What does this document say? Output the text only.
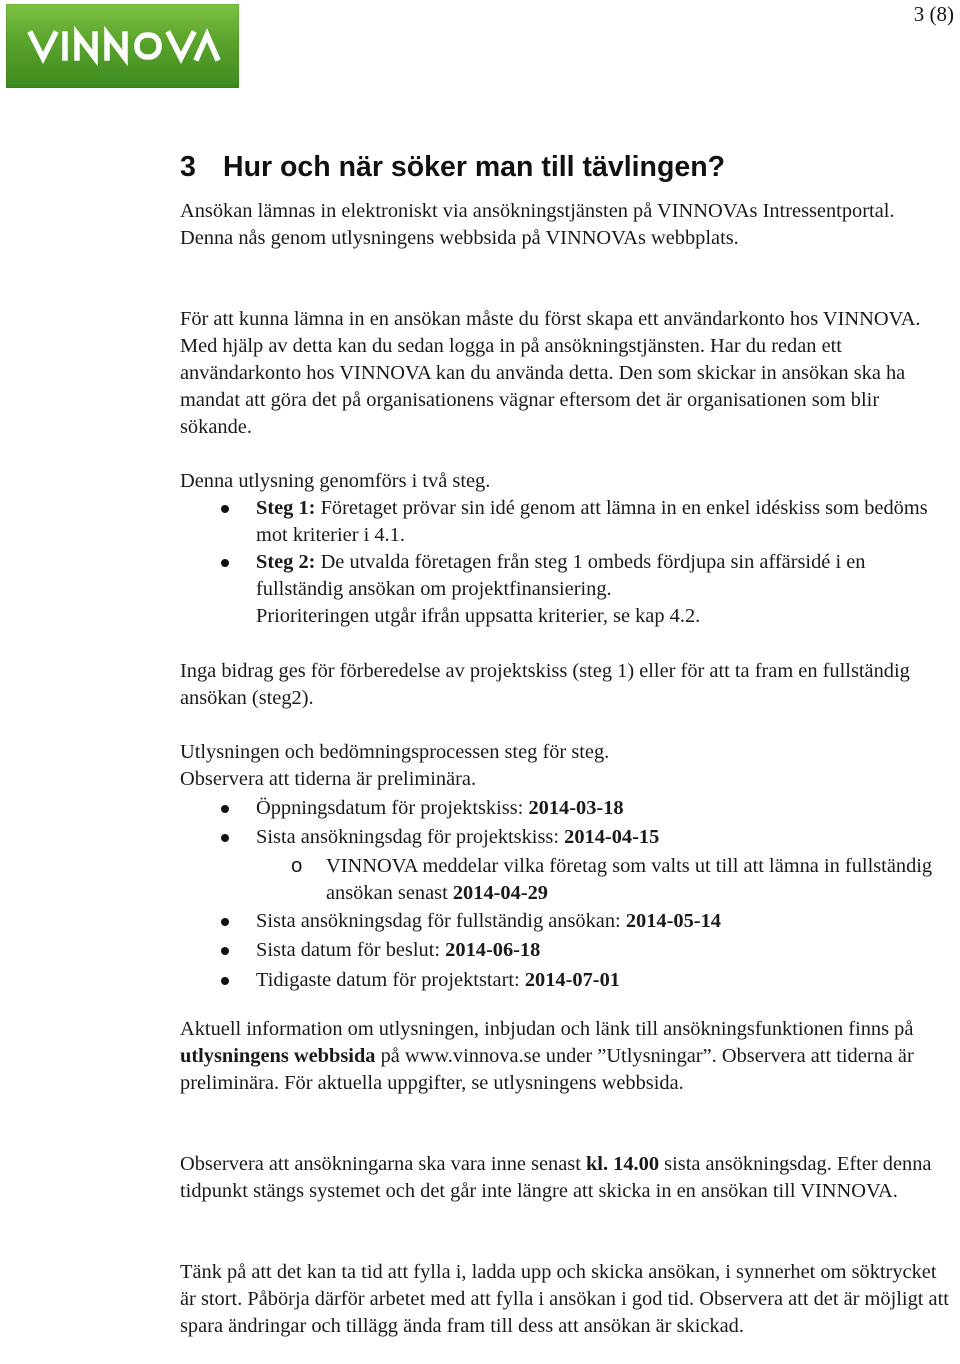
3 (8)
3 Hur och när söker man till tävlingen?

Ansökan lämnas in elektroniskt via ansökningstjänsten på VINNOVAs Intressentportal. Denna nås genom utlysningens webbsida på VINNOVAs webbplats.

För att kunna lämna in en ansökan måste du först skapa ett användarkonto hos VINNOVA. Med hjälp av detta kan du sedan logga in på ansökningstjänsten. Har du redan ett användarkonto hos VINNOVA kan du använda detta. Den som skickar in ansökan ska ha mandat att göra det på organisationens vägnar eftersom det är organisationen som blir sökande.

Denna utlysning genomförs i två steg.

Steg 1: Företaget prövar sin idé genom att lämna in en enkel idéskiss som bedöms mot kriterier i 4.1.
Steg 2: De utvalda företagen från steg 1 ombeds fördjupa sin affärsidé i en fullständig ansökan om projektfinansiering.
Prioriteringen utgår ifrån uppsatta kriterier, se kap 4.2.

Inga bidrag ges för förberedelse av projektskiss (steg 1) eller för att ta fram en fullständig ansökan (steg2).

Utlysningen och bedömningsprocessen steg för steg.

Observera att tiderna är preliminära.

Öppningsdatum för projektskiss: 2014-03-18
Sista ansökningsdag för projektskiss: 2014-04-15
o VINNOVA meddelar vilka företag som valts ut till att lämna in fullständig ansökan senast 2014-04-29
Sista ansökningsdag för fullständig ansökan: 2014-05-14
Sista datum för beslut: 2014-06-18
Tidigaste datum för projektstart: 2014-07-01

Aktuell information om utlysningen, inbjudan och länk till ansökningsfunktionen finns på utlysningens webbsida på www.vinnova.se under ”Utlysningar”. Observera att tiderna är preliminära. För aktuella uppgifter, se utlysningens webbsida.

Observera att ansökningarna ska vara inne senast kl. 14.00 sista ansökningsdag. Efter denna tidpunkt stängs systemet och det går inte längre att skicka in en ansökan till VINNOVA.

Tänk på att det kan ta tid att fylla i, ladda upp och skicka ansökan, i synnerhet om söktrycket är stort. Påbörja därför arbetet med att fylla i ansökan i god tid. Observera att det är möjligt att spara ändringar och tillägg ända fram till dess att ansökan är skickad.
